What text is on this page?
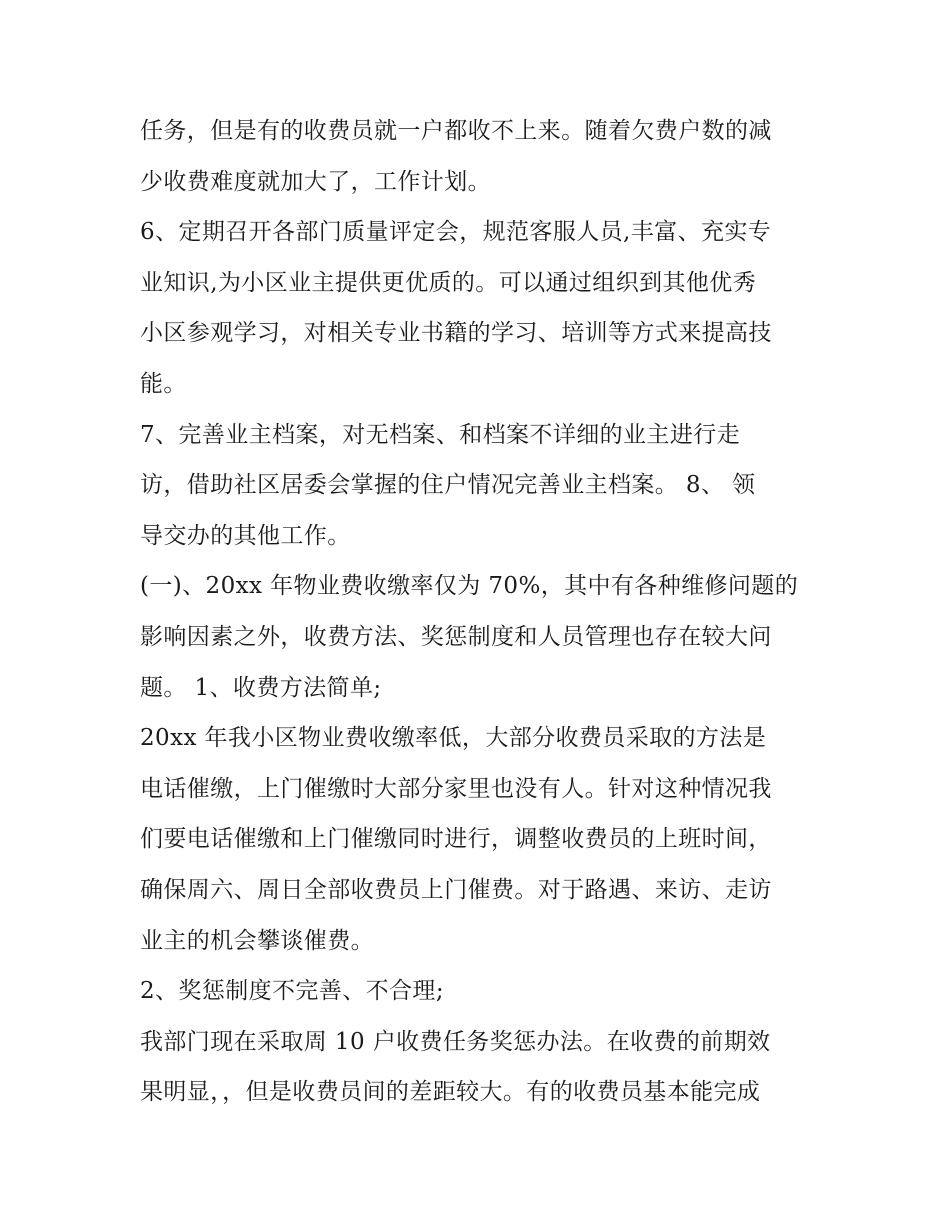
任务，但是有的收费员就一户都收不上来。随着欠费户数的减
少收费难度就加大了，工作计划。
6、定期召开各部门质量评定会，规范客服人员,丰富、充实专
业知识,为小区业主提供更优质的。可以通过组织到其他优秀
小区参观学习，对相关专业书籍的学习、培训等方式来提高技
能。
7、完善业主档案，对无档案、和档案不详细的业主进行走
访，借助社区居委会掌握的住户情况完善业主档案。 8、 领
导交办的其他工作。
(一)、20xx 年物业费收缴率仅为 70%，其中有各种维修问题的
影响因素之外，收费方法、奖惩制度和人员管理也存在较大问
题。 1、收费方法简单;
20xx 年我小区物业费收缴率低，大部分收费员采取的方法是
电话催缴，上门催缴时大部分家里也没有人。针对这种情况我
们要电话催缴和上门催缴同时进行，调整收费员的上班时间，
确保周六、周日全部收费员上门催费。对于路遇、来访、走访
业主的机会攀谈催费。
2、奖惩制度不完善、不合理;
我部门现在采取周 10 户收费任务奖惩办法。在收费的前期效
果明显，，但是收费员间的差距较大。有的收费员基本能完成
